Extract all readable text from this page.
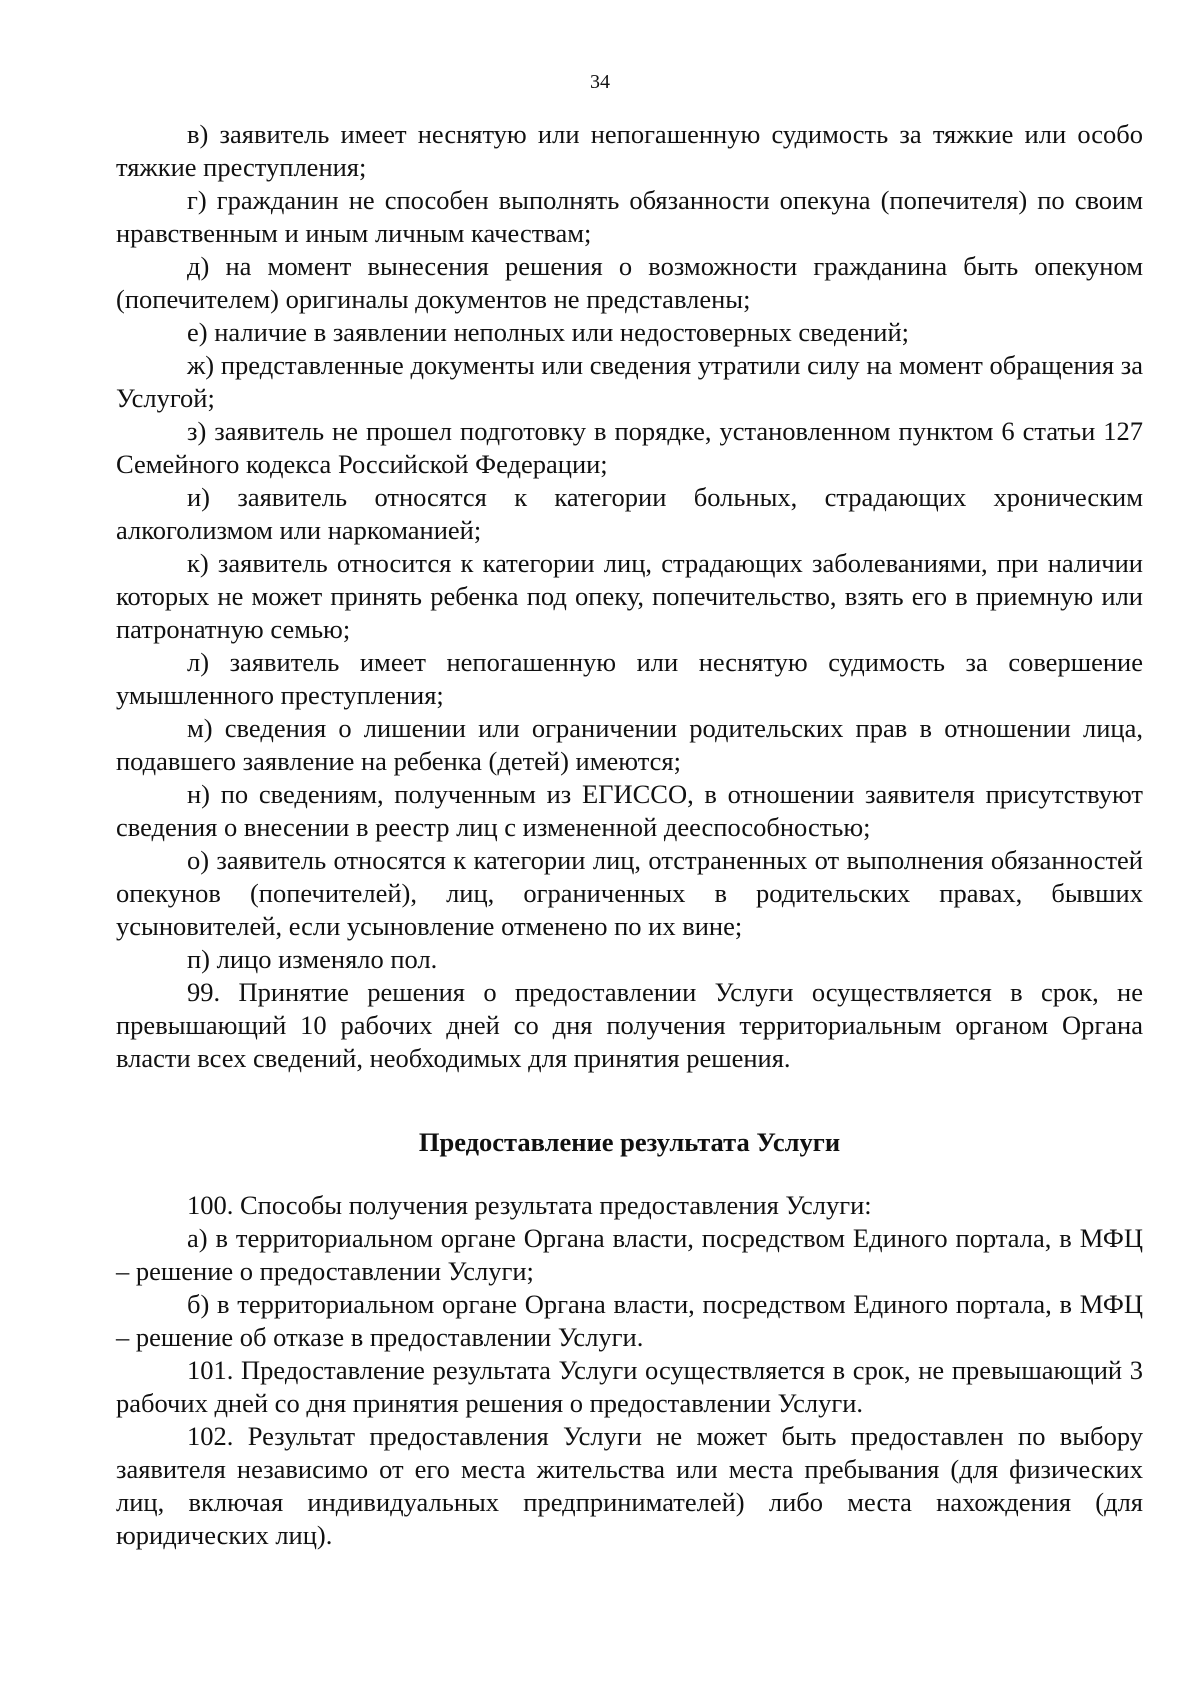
34

в) заявитель имеет неснятую или непогашенную судимость за тяжкие или особо тяжкие преступления;

г) гражданин не способен выполнять обязанности опекуна (попечителя) по своим нравственным и иным личным качествам;

д) на момент вынесения решения о возможности гражданина быть опекуном (попечителем) оригиналы документов не представлены;

е) наличие в заявлении неполных или недостоверных сведений;

ж) представленные документы или сведения утратили силу на момент обращения за Услугой;

з) заявитель не прошел подготовку в порядке, установленном пунктом 6 статьи 127 Семейного кодекса Российской Федерации;

и) заявитель относятся к категории больных, страдающих хроническим алкоголизмом или наркоманией;

к) заявитель относится к категории лиц, страдающих заболеваниями, при наличии которых не может принять ребенка под опеку, попечительство, взять его в приемную или патронатную семью;

л) заявитель имеет непогашенную или неснятую судимость за совершение умышленного преступления;

м) сведения о лишении или ограничении родительских прав в отношении лица, подавшего заявление на ребенка (детей) имеются;

н) по сведениям, полученным из ЕГИССО, в отношении заявителя присутствуют сведения о внесении в реестр лиц с измененной дееспособностью;

о) заявитель относятся к категории лиц, отстраненных от выполнения обязанностей опекунов (попечителей), лиц, ограниченных в родительских правах, бывших усыновителей, если усыновление отменено по их вине;

п) лицо изменяло пол.

99. Принятие решения о предоставлении Услуги осуществляется в срок, не превышающий 10 рабочих дней со дня получения территориальным органом Органа власти всех сведений, необходимых для принятия решения.

Предоставление результата Услуги

100. Способы получения результата предоставления Услуги:

а) в территориальном органе Органа власти, посредством Единого портала, в МФЦ – решение о предоставлении Услуги;

б) в территориальном органе Органа власти, посредством Единого портала, в МФЦ – решение об отказе в предоставлении Услуги.

101. Предоставление результата Услуги осуществляется в срок, не превышающий 3 рабочих дней со дня принятия решения о предоставлении Услуги.

102. Результат предоставления Услуги не может быть предоставлен по выбору заявителя независимо от его места жительства или места пребывания (для физических лиц, включая индивидуальных предпринимателей) либо места нахождения (для юридических лиц).
